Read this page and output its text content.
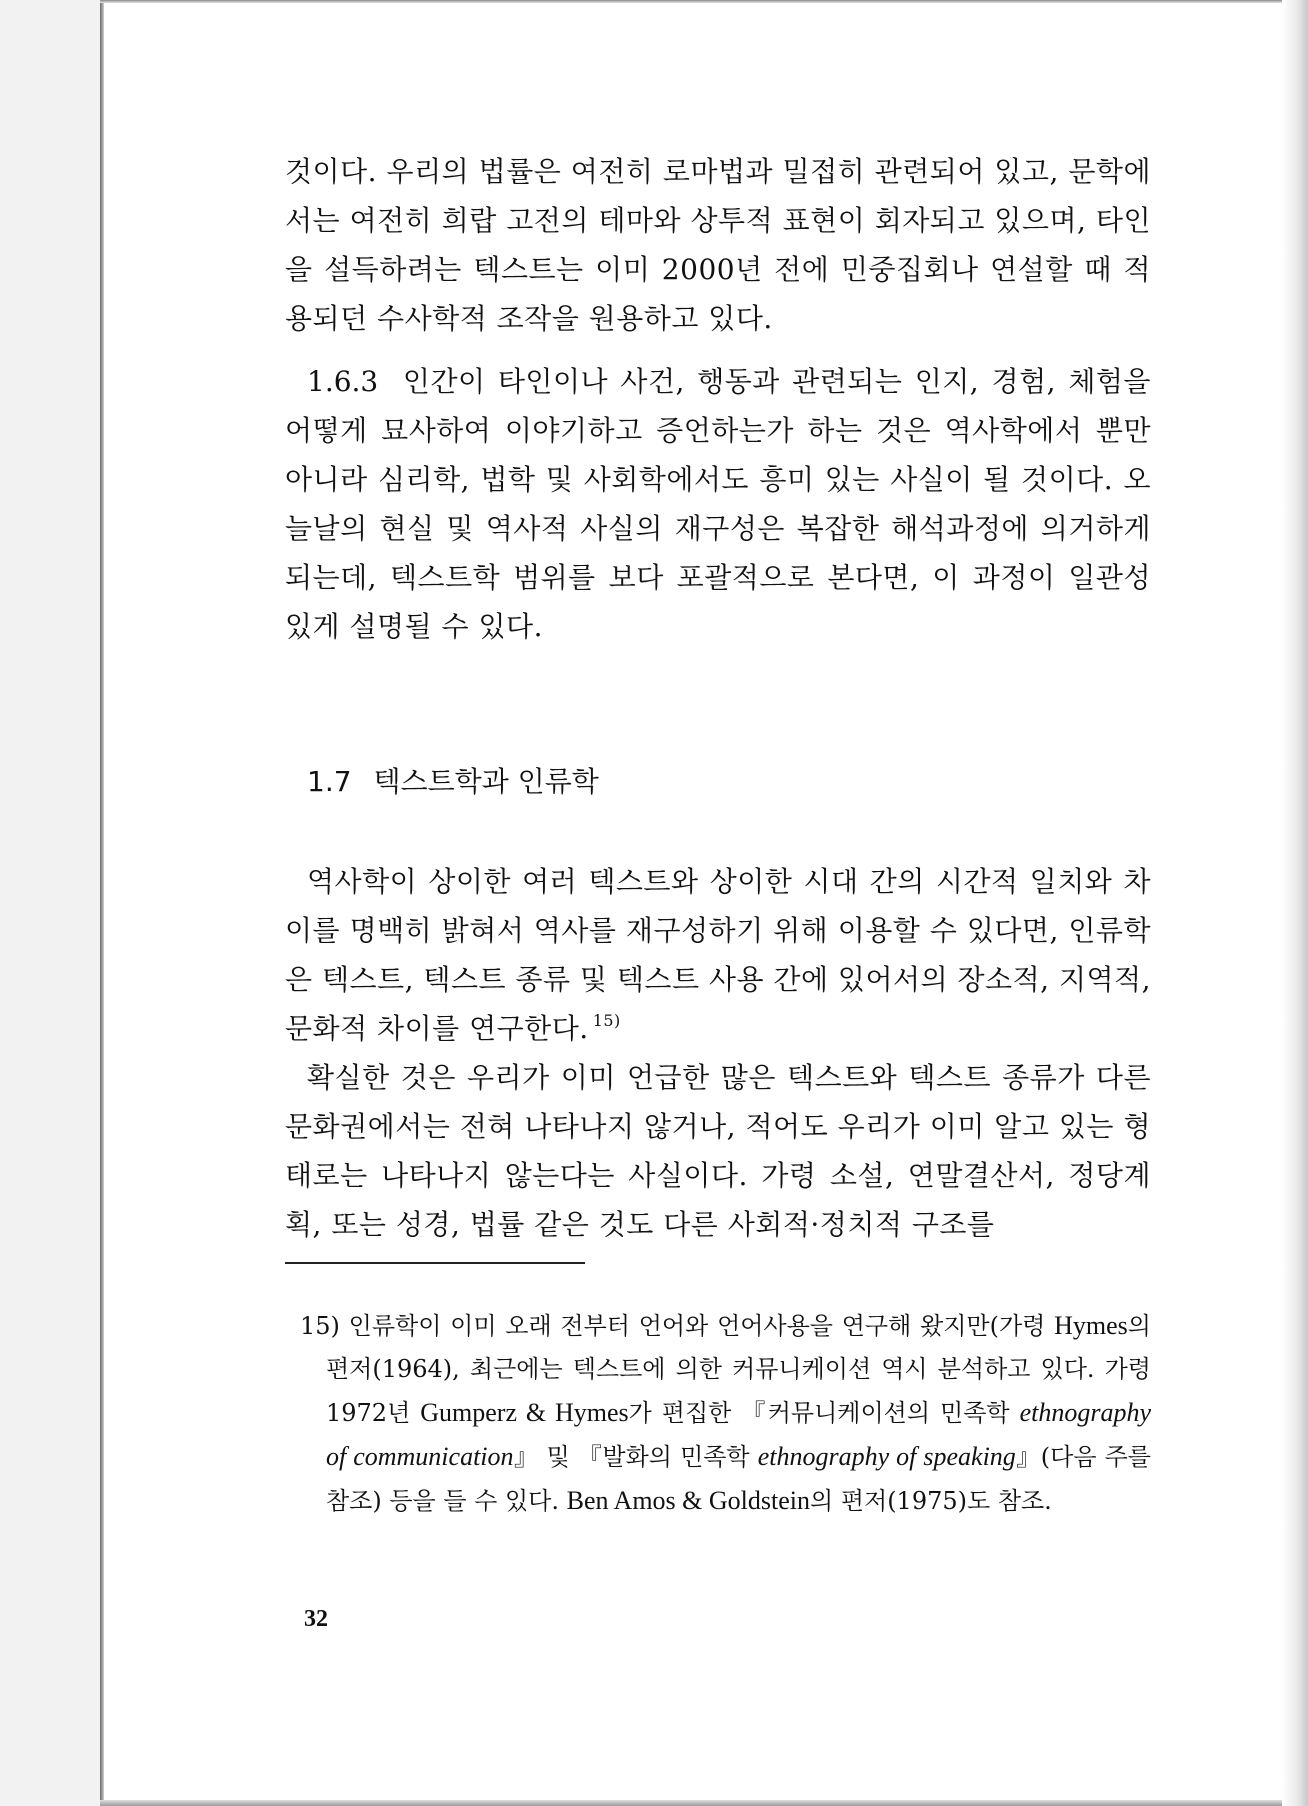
것이다. 우리의 법률은 여전히 로마법과 밀접히 관련되어 있고, 문학에서는 여전히 희랍 고전의 테마와 상투적 표현이 회자되고 있으며, 타인을 설득하려는 텍스트는 이미 2000년 전에 민중집회나 연설할 때 적용되던 수사학적 조작을 원용하고 있다.

1.6.3 인간이 타인이나 사건, 행동과 관련되는 인지, 경험, 체험을 어떻게 묘사하여 이야기하고 증언하는가 하는 것은 역사학에서 뿐만 아니라 심리학, 법학 및 사회학에서도 흥미 있는 사실이 될 것이다. 오늘날의 현실 및 역사적 사실의 재구성은 복잡한 해석과정에 의거하게 되는데, 텍스트학 범위를 보다 포괄적으로 본다면, 이 과정이 일관성 있게 설명될 수 있다.

1.7 텍스트학과 인류학

역사학이 상이한 여러 텍스트와 상이한 시대 간의 시간적 일치와 차이를 명백히 밝혀서 역사를 재구성하기 위해 이용할 수 있다면, 인류학은 텍스트, 텍스트 종류 및 텍스트 사용 간에 있어서의 장소적, 지역적, 문화적 차이를 연구한다. $^{15)}$

확실한 것은 우리가 이미 언급한 많은 텍스트와 텍스트 종류가 다른 문화권에서는 전혀 나타나지 않거나, 적어도 우리가 이미 알고 있는 형태로는 나타나지 않는다는 사실이다. 가령 소설, 연말결산서, 정당계획, 또는 성경, 법률 같은 것도 다른 사회적·정치적 구조를

15) 인류학이 이미 오래 전부터 언어와 언어사용을 연구해 왔지만(가령 Hymes의 편저(1964), 최근에는 텍스트에 의한 커뮤니케이션 역시 분석하고 있다. 가령 1972년 Gumperz & Hymes가 편집한 『커뮤니케이션의 민족학 ethnography of communication』 및 『발화의 민족학 ethnography of speaking』(다음 주를 참조) 등을 들 수 있다. Ben Amos & Goldstein의 편저(1975)도 참조.

32
